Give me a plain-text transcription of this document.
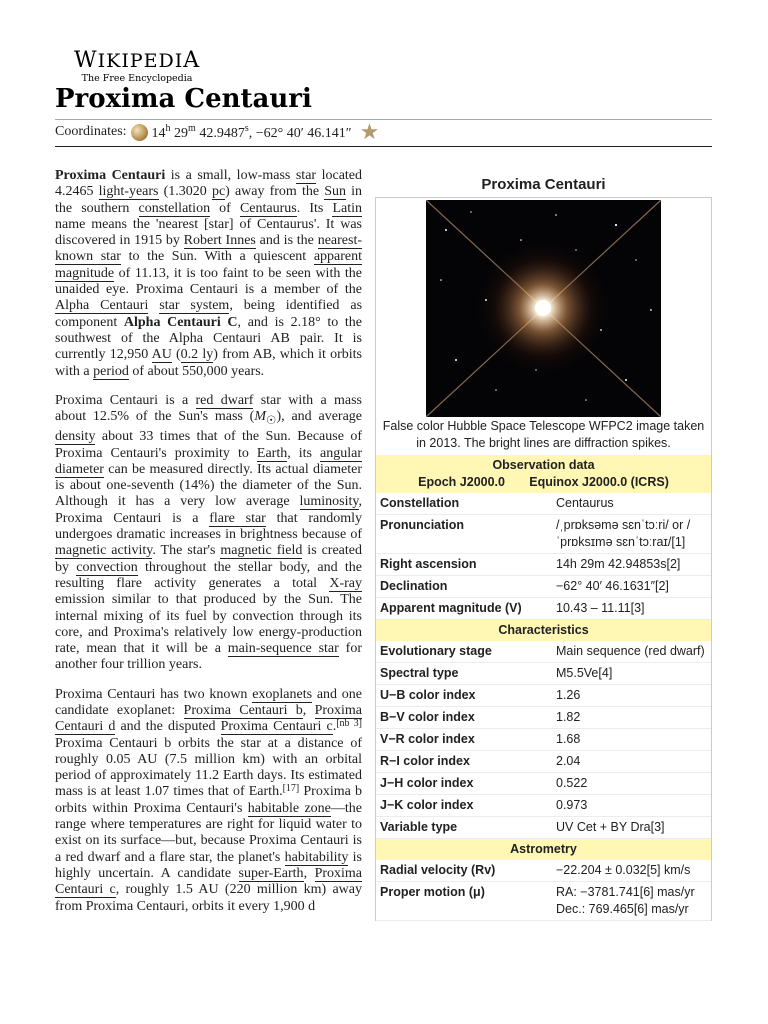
WIKIPEDIA
The Free Encyclopedia
Proxima Centauri
Coordinates: 14$^h$ 29$^m$ $42.9487^s$, −62° 40′ 46.141″ ★

Proxima Centauri is a small, low-mass star located 4.2465 light-years (1.3020 pc) away from the Sun in the southern constellation of Centaurus. Its Latin name means the 'nearest [star] of Centaurus'. It was discovered in 1915 by Robert Innes and is the nearest-known star to the Sun. With a quiescent apparent magnitude of 11.13, it is too faint to be seen with the unaided eye. Proxima Centauri is a member of the Alpha Centauri star system, being identified as component Alpha Centauri C, and is 2.18° to the southwest of the Alpha Centauri AB pair. It is currently 12,950 AU (0.2 ly) from AB, which it orbits with a period of about 550,000 years.

Proxima Centauri is a red dwarf star with a mass about 12.5% of the Sun's mass $(M_☉)$, and average density about 33 times that of the Sun. Because of Proxima Centauri's proximity to Earth, its angular diameter can be measured directly. Its actual diameter is about one-seventh (14%) the diameter of the Sun. Although it has a very low average luminosity, Proxima Centauri is a flare star that randomly undergoes dramatic increases in brightness because of magnetic activity. The star's magnetic field is created by convection throughout the stellar body, and the resulting flare activity generates a total X-ray emission similar to that produced by the Sun. The internal mixing of its fuel by convection through its core, and Proxima's relatively low energy-production rate, mean that it will be a main-sequence star for another four trillion years.

Proxima Centauri has two known exoplanets and one candidate exoplanet: Proxima Centauri b, Proxima Centauri d and the disputed Proxima Centauri c.[nb 3] Proxima Centauri b orbits the star at a distance of roughly 0.05 AU (7.5 million km) with an orbital period of approximately 11.2 Earth days. Its estimated mass is at least 1.07 times that of Earth.[17] Proxima b orbits within Proxima Centauri's habitable zone—the range where temperatures are right for liquid water to exist on its surface—but, because Proxima Centauri is a red dwarf and a flare star, the planet's habitability is highly uncertain. A candidate super-Earth, Proxima Centauri c, roughly 1.5 AU (220 million km) away from Proxima Centauri, orbits it every 1,900 d

Proxima Centauri
False color Hubble Space Telescope WFPC2 image taken in 2013. The bright lines are diffraction spikes.
Observation data
Epoch J2000.0 Equinox J2000.0 (ICRS)
Constellation	Centaurus
Pronunciation	/ˌprɒksəmə sɛnˈtɔːri/ or /ˈprɒksɪmə sɛnˈtɔːraɪ/[1]
Right ascension	14h 29m 42.94853s[2]
Declination	−62° 40′ 46.1631″[2]
Apparent magnitude (V)	10.43 – 11.11[3]
Characteristics
Evolutionary stage	Main sequence (red dwarf)
Spectral type	M5.5Ve[4]
U−B color index	1.26
B−V color index	1.82
V−R color index	1.68
R−I color index	2.04
J−H color index	0.522
J−K color index	0.973
Variable type	UV Cet + BY Dra[3]
Astrometry
Radial velocity (Rv)	−22.204 ± 0.032[5] km/s
Proper motion (μ)	RA: −3781.741[6] mas/yr Dec.: 769.465[6] mas/yr
